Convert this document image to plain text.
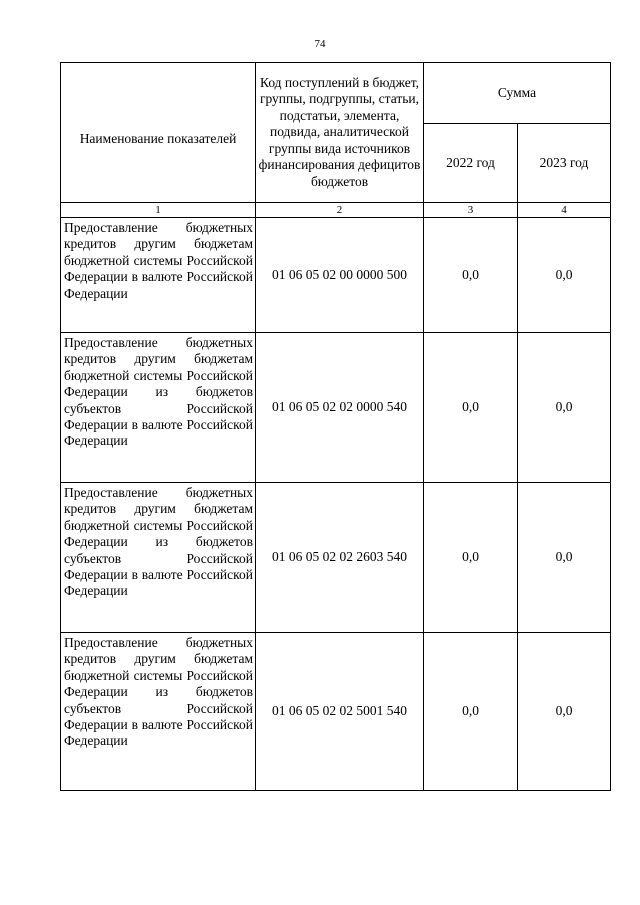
74
Наименование показателей	Код поступлений в бюджет, группы, подгруппы, статьи, подстатьи, элемента, подвида, аналитической группы вида источников финансирования дефицитов бюджетов	Сумма	
		2022 год	2023 год
1	2	3	4
Предоставление бюджетных кредитов другим бюджетам бюджетной системы Российской Федерации в валюте Российской Федерации	01 06 05 02 00 0000 500	0,0	0,0
Предоставление бюджетных кредитов другим бюджетам бюджетной системы Российской Федерации из бюджетов субъектов Российской Федерации в валюте Российской Федерации	01 06 05 02 02 0000 540	0,0	0,0
Предоставление бюджетных кредитов другим бюджетам бюджетной системы Российской Федерации из бюджетов субъектов Российской Федерации в валюте Российской Федерации	01 06 05 02 02 2603 540	0,0	0,0
Предоставление бюджетных кредитов другим бюджетам бюджетной системы Российской Федерации из бюджетов субъектов Российской Федерации в валюте Российской Федерации	01 06 05 02 02 5001 540	0,0	0,0
